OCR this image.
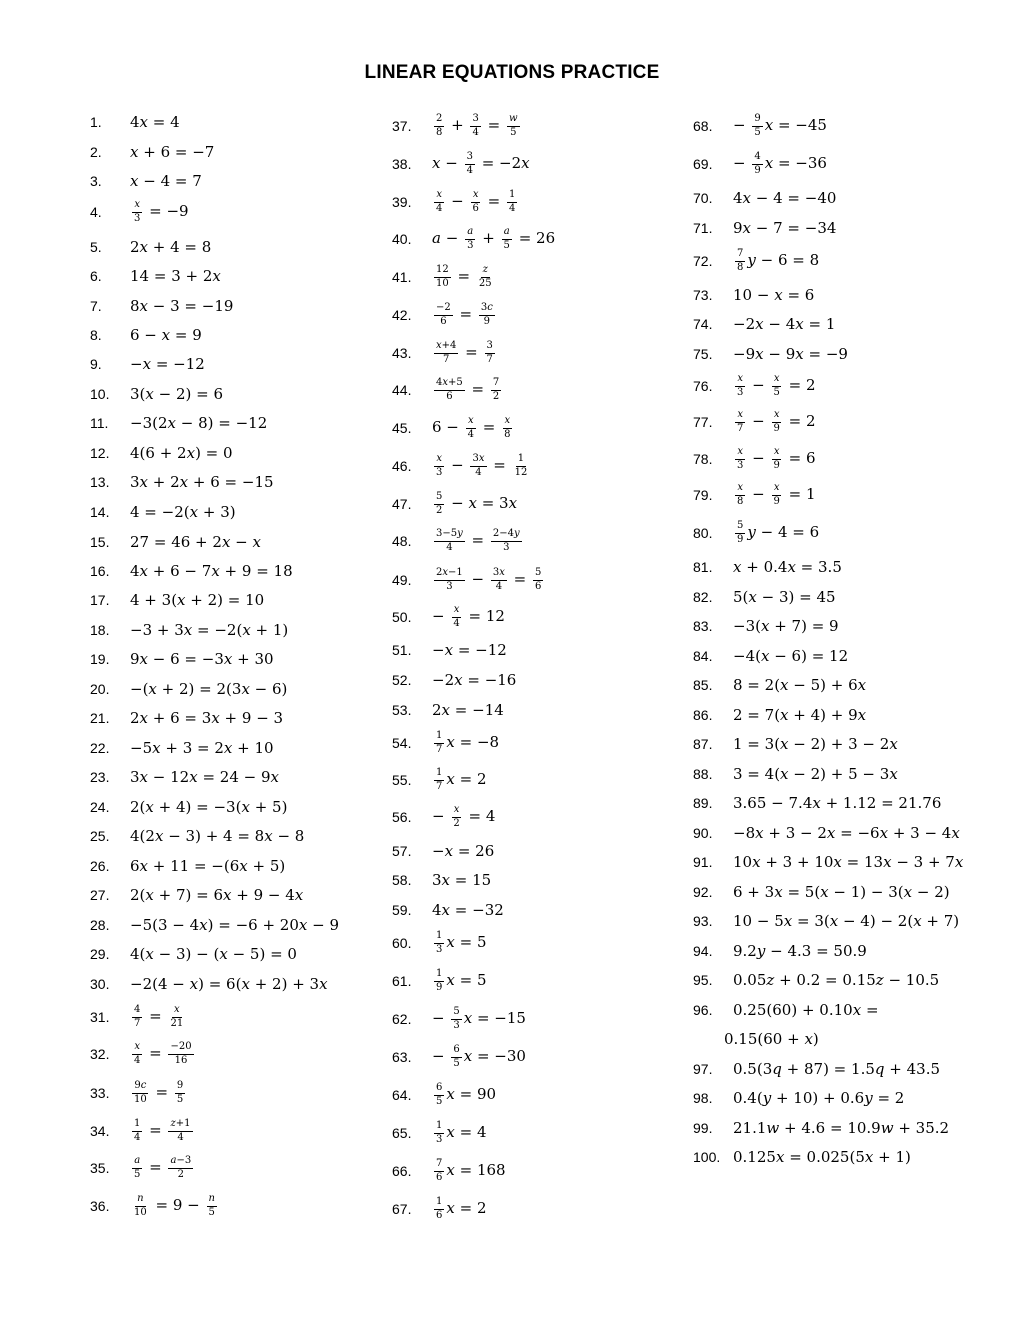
LINEAR EQUATIONS PRACTICE
1.	4x = 4
2.	x + 6 = −7
3.	x − 4 = 7
4.	$\frac{x}{3} = -9$
5.	2x + 4 = 8
6.	14 = 3 + 2x
7.	8x − 3 = −19
8.	6 − x = 9
9.	−x = −12
10.	3(x − 2) = 6
11.	−3(2x − 8) = −12
12.	4(6 + 2x) = 0
13.	3x + 2x + 6 = −15
14.	4 = −2(x + 3)
15.	27 = 46 + 2x − x
16.	4x + 6 − 7x + 9 = 18
17.	4 + 3(x + 2) = 10
18.	−3 + 3x = −2(x + 1)
19.	9x − 6 = −3x + 30
20.	−(x + 2) = 2(3x − 6)
21.	2x + 6 = 3x + 9 − 3
22.	−5x + 3 = 2x + 10
23.	3x − 12x = 24 − 9x
24.	2(x + 4) = −3(x + 5)
25.	4(2x − 3) + 4 = 8x − 8
26.	6x + 11 = −(6x + 5)
27.	2(x + 7) = 6x + 9 − 4x
28.	−5(3 − 4x) = −6 + 20x − 9
29.	4(x − 3) − (x − 5) = 0
30.	−2(4 − x) = 6(x + 2) + 3x
31.	$\frac{4}{7} = \frac{x}{21}$
32.	$\frac{x}{4} = \frac{-20}{16}$
33.	$\frac{9c}{10} = \frac{9}{5}$
34.	$\frac{1}{4} = \frac{z+1}{4}$
35.	$\frac{a}{5} = \frac{a-3}{2}$
36.	$\frac{n}{10} = 9 - \frac{n}{5}$
37.	$\frac{2}{8} + \frac{3}{4} = \frac{w}{5}$
38.	$x - \frac{3}{4} = -2x$
39.	$\frac{x}{4} - \frac{x}{6} = \frac{1}{4}$
40.	$a - \frac{a}{3} + \frac{a}{5} = 26$
41.	$\frac{12}{10} = \frac{z}{25}$
42.	$\frac{-2}{6} = \frac{3c}{9}$
43.	$\frac{x+4}{7} = \frac{3}{7}$
44.	$\frac{4x+5}{6} = \frac{7}{2}$
45.	$6 - \frac{x}{4} = \frac{x}{8}$
46.	$\frac{x}{3} - \frac{3x}{4} = \frac{1}{12}$
47.	$\frac{5}{2} - x = 3x$
48.	$\frac{3-5y}{4} = \frac{2-4y}{3}$
49.	$\frac{2x-1}{3} - \frac{3x}{4} = \frac{5}{6}$
50.	− $\frac{x}{4} = 12$
51.	−x = −12
52.	−2x = −16
53.	2x = −14
54.	$\frac{1}{7}$ x = −8
55.	$\frac{1}{7}$ x = 2
56.	− $\frac{x}{2} = 4$
57.	−x = 26
58.	3x = 15
59.	4x = −32
60.	$\frac{1}{3}$ x = 5
61.	$\frac{1}{9}$ x = 5
62.	− $\frac{5}{3}$ x = −15
63.	− $\frac{6}{5}$ x = −30
64.	$\frac{6}{5}$ x = 90
65.	$\frac{1}{3}$ x = 4
66.	$\frac{7}{6}$ x = 168
67.	$\frac{1}{6}$ x = 2
68.	− $\frac{9}{5}$ x = −45
69.	− $\frac{4}{9}$ x = −36
70.	4x − 4 = −40
71.	9x − 7 = −34
72.	$\frac{7}{8}$ y − 6 = 8
73.	10 − x = 6
74.	−2x − 4x = 1
75.	−9x − 9x = −9
76.	$\frac{x}{3} - \frac{x}{5} = 2$
77.	$\frac{x}{7} - \frac{x}{9} = 2$
78.	$\frac{x}{3} - \frac{x}{9} = 6$
79.	$\frac{x}{8} - \frac{x}{9} = 1$
80.	$\frac{5}{9}$ y − 4 = 6
81.	x + 0.4x = 3.5
82.	5(x − 3) = 45
83.	−3(x + 7) = 9
84.	−4(x − 6) = 12
85.	8 = 2(x − 5) + 6x
86.	2 = 7(x + 4) + 9x
87.	1 = 3(x − 2) + 3 − 2x
88.	3 = 4(x − 2) + 5 − 3x
89.	3.65 − 7.4x + 1.12 = 21.76
90.	−8x + 3 − 2x = −6x + 3 − 4x
91.	10x + 3 + 10x = 13x − 3 + 7x
92.	6 + 3x = 5(x − 1) − 3(x − 2)
93.	10 − 5x = 3(x − 4) − 2(x + 7)
94.	9.2y − 4.3 = 50.9
95.	0.05z + 0.2 = 0.15z − 10.5
96.	0.25(60) + 0.10x =
0.15(60 + x)
97.	0.5(3q + 87) = 1.5q + 43.5
98.	0.4(y + 10) + 0.6y = 2
99.	21.1w + 4.6 = 10.9w + 35.2
100. 0.125x = 0.025(5x + 1)
